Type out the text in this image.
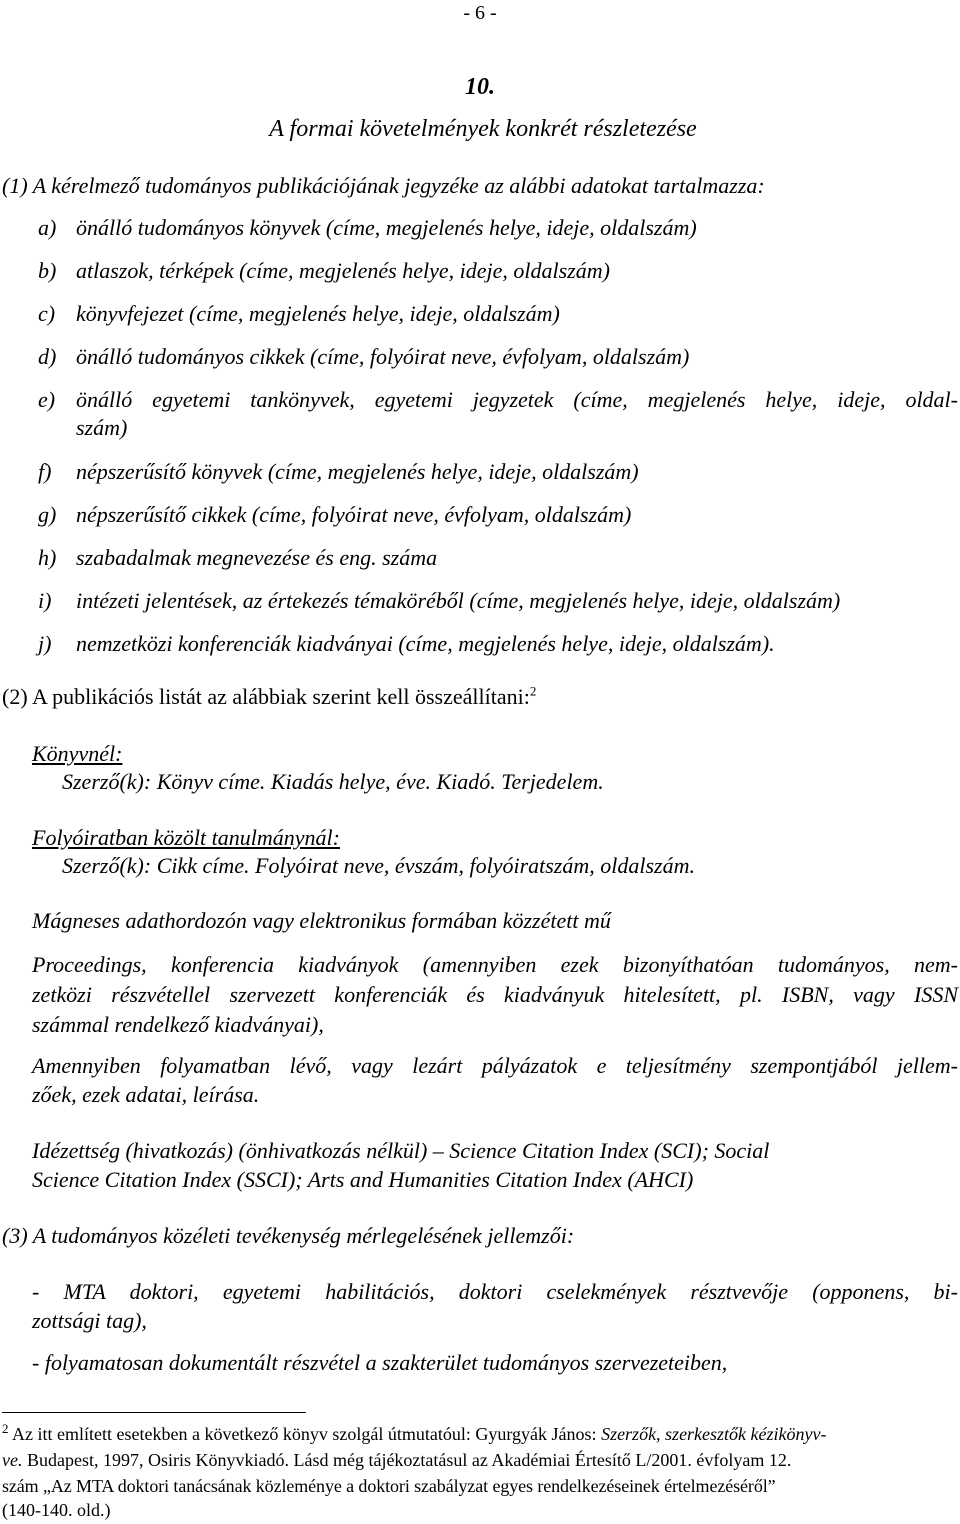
- 6 -
10.
A formai követelmények konkrét részletezése
(1) A kérelmező tudományos publikációjának jegyzéke az alábbi adatokat tartalmazza:
a) önálló tudományos könyvek (címe, megjelenés helye, ideje, oldalszám)
b) atlaszok, térképek (címe, megjelenés helye, ideje, oldalszám)
c) könyvfejezet (címe, megjelenés helye, ideje, oldalszám)
d) önálló tudományos cikkek (címe, folyóirat neve, évfolyam, oldalszám)
e) önálló egyetemi tankönyvek, egyetemi jegyzetek (címe, megjelenés helye, ideje, oldal-
szám)
f) népszerűsítő könyvek (címe, megjelenés helye, ideje, oldalszám)
g) népszerűsítő cikkek (címe, folyóirat neve, évfolyam, oldalszám)
h) szabadalmak megnevezése és eng. száma
i) intézeti jelentések, az értekezés témaköréből (címe, megjelenés helye, ideje, oldalszám)
j) nemzetközi konferenciák kiadványai (címe, megjelenés helye, ideje, oldalszám).
(2) A publikációs listát az alábbiak szerint kell összeállítani:$^2$
Könyvnél:
Szerző(k): Könyv címe. Kiadás helye, éve. Kiadó. Terjedelem.
Folyóiratban közölt tanulmánynál:
Szerző(k): Cikk címe. Folyóirat neve, évszám, folyóiratszám, oldalszám.
Mágneses adathordozón vagy elektronikus formában közzétett mű
Proceedings, konferencia kiadványok (amennyiben ezek bizonyíthatóan tudományos, nem-
zetközi részvétellel szervezett konferenciák és kiadványuk hitelesített, pl. ISBN, vagy ISSN
számmal rendelkező kiadványai),
Amennyiben folyamatban lévő, vagy lezárt pályázatok e teljesítmény szempontjából jellem-
zőek, ezek adatai, leírása.
Idézettség (hivatkozás) (önhivatkozás nélkül) – Science Citation Index (SCI); Social
Science Citation Index (SSCI); Arts and Humanities Citation Index (AHCI)
(3) A tudományos közéleti tevékenység mérlegelésének jellemzői:
- MTA doktori, egyetemi habilitációs, doktori cselekmények résztvevője (opponens, bi-
zottsági tag),
- folyamatosan dokumentált részvétel a szakterület tudományos szervezeteiben,
$^2$ Az itt említett esetekben a következő könyv szolgál útmutatóul: Gyurgyák János: Szerzők, szerkesztők kézikönyv-
ve. Budapest, 1997, Osiris Könyvkiadó. Lásd még tájékoztatásul az Akadémiai Értesítő L/2001. évfolyam 12.
szám „Az MTA doktori tanácsának közleménye a doktori szabályzat egyes rendelkezéseinek értelmezéséről”
(140-140. old.)
